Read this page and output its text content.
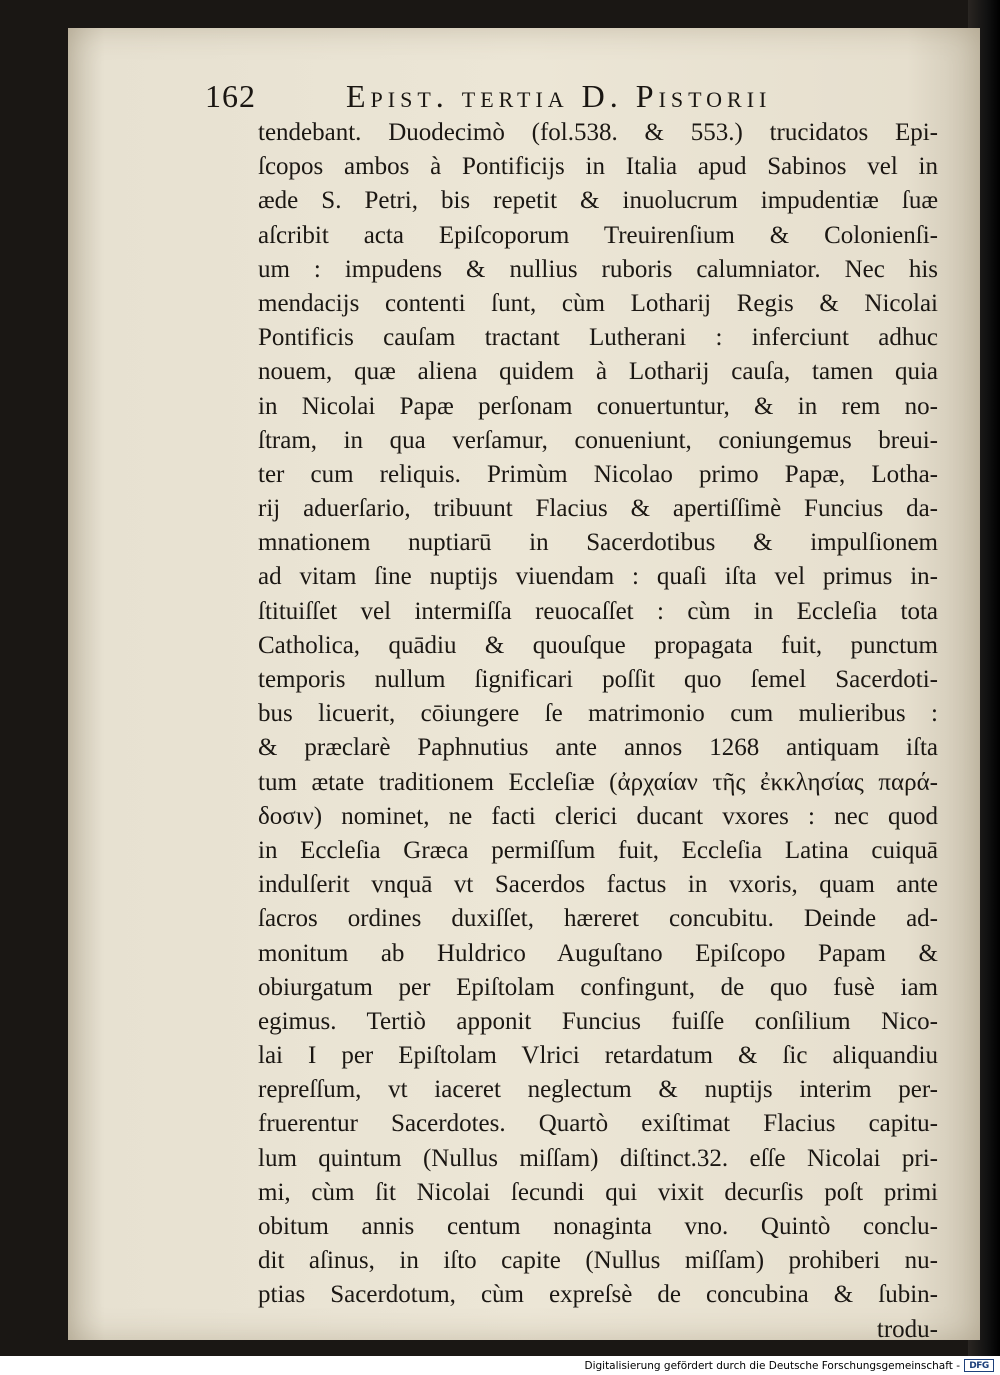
162	Epist. tertia D. Pistorii
tendebant. Duodecimò (fol.538. & 553.) trucidatos Epi-
ſcopos ambos à Pontificijs in Italia apud Sabinos vel in
æde S. Petri, bis repetit & inuolucrum impudentiæ ſuæ
aſcribit acta Epiſcoporum Treuirenſium & Colonienſi-
um : impudens & nullius ruboris calumniator. Nec his
mendacijs contenti ſunt, cùm Lotharij Regis & Nicolai
Pontificis cauſam tractant Lutherani : inferciunt adhuc
nouem, quæ aliena quidem à Lotharij cauſa, tamen quia
in Nicolai Papæ perſonam conuertuntur, & in rem no-
ſtram, in qua verſamur, conueniunt, coniungemus breui-
ter cum reliquis. Primùm Nicolao primo Papæ, Lotha-
rij aduerſario, tribuunt Flacius & apertiſſimè Funcius da-
mnationem nuptiarū in Sacerdotibus & impulſionem
ad vitam ſine nuptijs viuendam : quaſi iſta vel primus in-
ſtituiſſet vel intermiſſa reuocaſſet : cùm in Eccleſia tota
Catholica, quādiu & quouſque propagata fuit, punctum
temporis nullum ſignificari poſſit quo ſemel Sacerdoti-
bus licuerit, cōiungere ſe matrimonio cum mulieribus :
& præclarè Paphnutius ante annos 1268 antiquam iſta
tum ætate traditionem Eccleſiæ (ἀρχαίαν τῆς ἐκκλησίας παρά-
δοσιν) nominet, ne facti clerici ducant vxores : nec quod
in Eccleſia Græca permiſſum fuit, Eccleſia Latina cuiquā
indulſerit vnquā vt Sacerdos factus in vxoris, quam ante
ſacros ordines duxiſſet, hæreret concubitu. Deinde ad-
monitum ab Huldrico Auguſtano Epiſcopo Papam &
obiurgatum per Epiſtolam confingunt, de quo fusè iam
egimus. Tertiò apponit Funcius fuiſſe conſilium Nico-
lai I per Epiſtolam Vlrici retardatum & ſic aliquandiu
repreſſum, vt iaceret neglectum & nuptijs interim per-
fruerentur Sacerdotes. Quartò exiſtimat Flacius capitu-
lum quintum (Nullus miſſam) diſtinct.32. eſſe Nicolai pri-
mi, cùm ſit Nicolai ſecundi qui vixit decurſis poſt primi
obitum annis centum nonaginta vno. Quintò conclu-
dit aſinus, in iſto capite (Nullus miſſam) prohiberi nu-
ptias Sacerdotum, cùm expreſsè de concubina & ſubin-
trodu-
Digitalisierung gefördert durch die Deutsche Forschungsgemeinschaft - DFG
